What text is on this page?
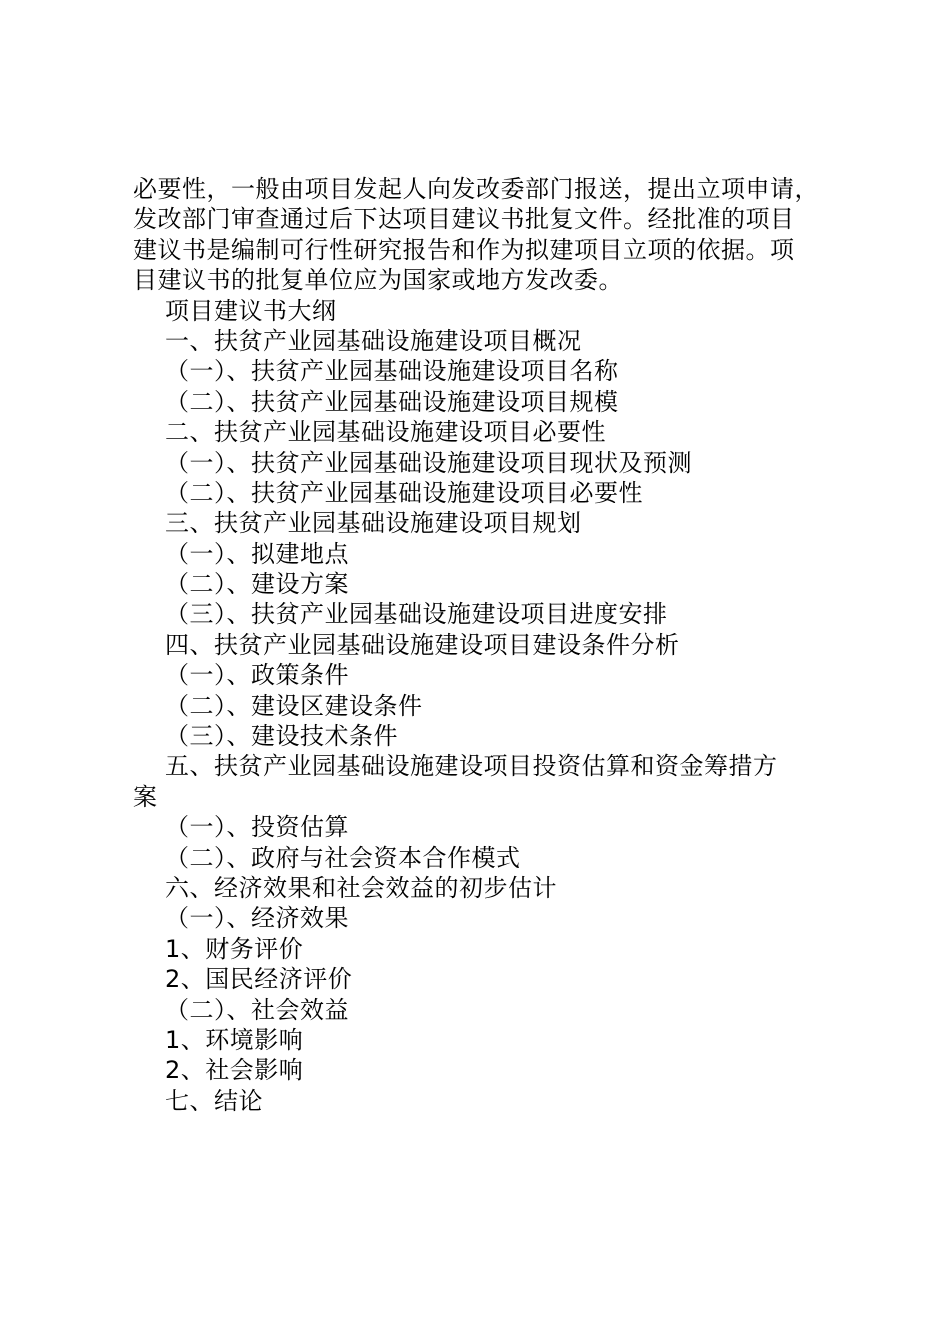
必要性，一般由项目发起人向发改委部门报送，提出立项申请，
发改部门审查通过后下达项目建议书批复文件。经批准的项目
建议书是编制可行性研究报告和作为拟建项目立项的依据。项
目建议书的批复单位应为国家或地方发改委。
项目建议书大纲
一、扶贫产业园基础设施建设项目概况
（一）、扶贫产业园基础设施建设项目名称
（二）、扶贫产业园基础设施建设项目规模
二、扶贫产业园基础设施建设项目必要性
（一）、扶贫产业园基础设施建设项目现状及预测
（二）、扶贫产业园基础设施建设项目必要性
三、扶贫产业园基础设施建设项目规划
（一）、拟建地点
（二）、建设方案
（三）、扶贫产业园基础设施建设项目进度安排
四、扶贫产业园基础设施建设项目建设条件分析
（一）、政策条件
（二）、建设区建设条件
（三）、建设技术条件
五、扶贫产业园基础设施建设项目投资估算和资金筹措方
案
（一）、投资估算
（二）、政府与社会资本合作模式
六、经济效果和社会效益的初步估计
（一）、经济效果
1、财务评价
2、国民经济评价
（二）、社会效益
1、环境影响
2、社会影响
七、结论
